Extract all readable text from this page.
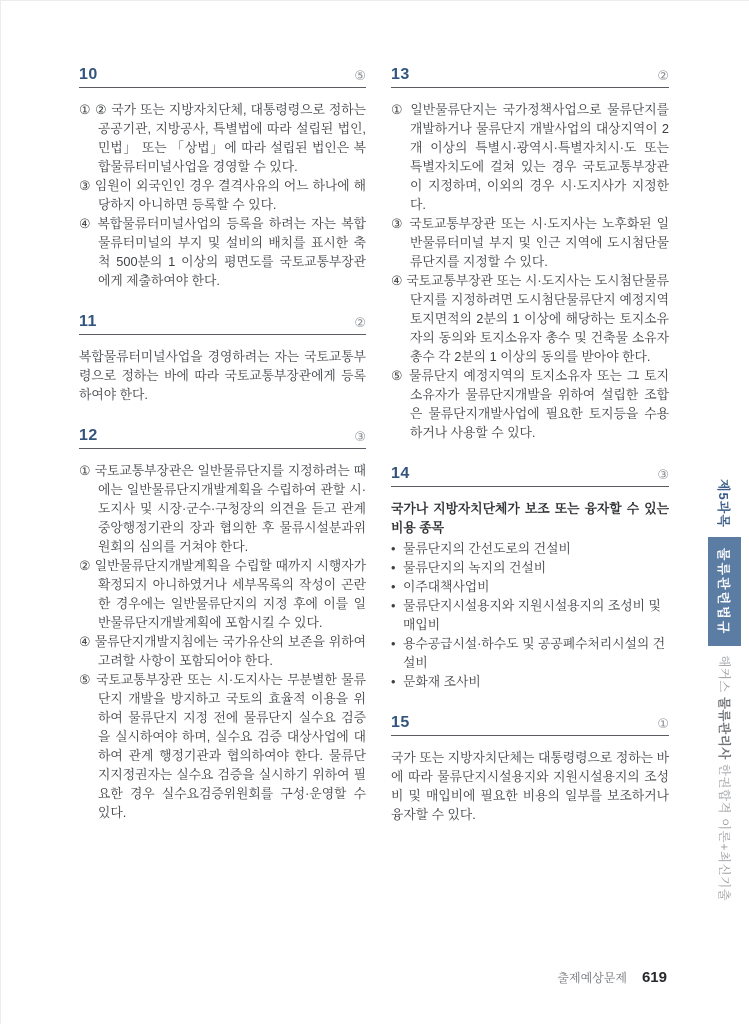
10	⑤

① ② 국가 또는 지방자치단체, 대통령령으로 정하는 공공기관, 지방공사, 특별법에 따라 설립된 법인, 민법」 또는 「상법」에 따라 설립된 법인은 복합물류터미널사업을 경영할 수 있다.

③ 임원이 외국인인 경우 결격사유의 어느 하나에 해당하지 아니하면 등록할 수 있다.

④ 복합물류터미널사업의 등록을 하려는 자는 복합물류터미널의 부지 및 설비의 배치를 표시한 축척 500분의 1 이상의 평면도를 국토교통부장관에게 제출하여야 한다.

11	②

복합물류터미널사업을 경영하려는 자는 국토교통부령으로 정하는 바에 따라 국토교통부장관에게 등록하여야 한다.

12	③

① 국토교통부장관은 일반물류단지를 지정하려는 때에는 일반물류단지개발계획을 수립하여 관할 시·도지사 및 시장·군수·구청장의 의견을 듣고 관계 중앙행정기관의 장과 협의한 후 물류시설분과위원회의 심의를 거쳐야 한다.

② 일반물류단지개발계획을 수립할 때까지 시행자가 확정되지 아니하였거나 세부목록의 작성이 곤란한 경우에는 일반물류단지의 지정 후에 이를 일반물류단지개발계획에 포함시킬 수 있다.

④ 물류단지개발지침에는 국가유산의 보존을 위하여 고려할 사항이 포함되어야 한다.

⑤ 국토교통부장관 또는 시·도지사는 무분별한 물류단지 개발을 방지하고 국토의 효율적 이용을 위하여 물류단지 지정 전에 물류단지 실수요 검증을 실시하여야 하며, 실수요 검증 대상사업에 대하여 관계 행정기관과 협의하여야 한다. 물류단지지정권자는 실수요 검증을 실시하기 위하여 필요한 경우 실수요검증위원회를 구성·운영할 수 있다.

13	②

① 일반물류단지는 국가정책사업으로 물류단지를 개발하거나 물류단지 개발사업의 대상지역이 2개 이상의 특별시·광역시·특별자치시·도 또는 특별자치도에 걸쳐 있는 경우 국토교통부장관이 지정하며, 이외의 경우 시·도지사가 지정한다.

③ 국토교통부장관 또는 시·도지사는 노후화된 일반물류터미널 부지 및 인근 지역에 도시첨단물류단지를 지정할 수 있다.

④ 국토교통부장관 또는 시·도지사는 도시첨단물류단지를 지정하려면 도시첨단물류단지 예정지역 토지면적의 2분의 1 이상에 해당하는 토지소유자의 동의와 토지소유자 총수 및 건축물 소유자 총수 각 2분의 1 이상의 동의를 받아야 한다.

⑤ 물류단지 예정지역의 토지소유자 또는 그 토지소유자가 물류단지개발을 위하여 설립한 조합은 물류단지개발사업에 필요한 토지등을 수용하거나 사용할 수 있다.

14	③

국가나 지방자치단체가 보조 또는 융자할 수 있는 비용 종목

• 물류단지의 간선도로의 건설비

• 물류단지의 녹지의 건설비

• 이주대책사업비

• 물류단지시설용지와 지원시설용지의 조성비 및 매입비

• 용수공급시설·하수도 및 공공폐수처리시설의 건설비

• 문화재 조사비

15	①

국가 또는 지방자치단체는 대통령령으로 정하는 바에 따라 물류단지시설용지와 지원시설용지의 조성비 및 매입비에 필요한 비용의 일부를 보조하거나 융자할 수 있다.

제5과목
물류관련법규
해커스 물류관리사 한권합격 이론+최신기출
출제예상문제 619
